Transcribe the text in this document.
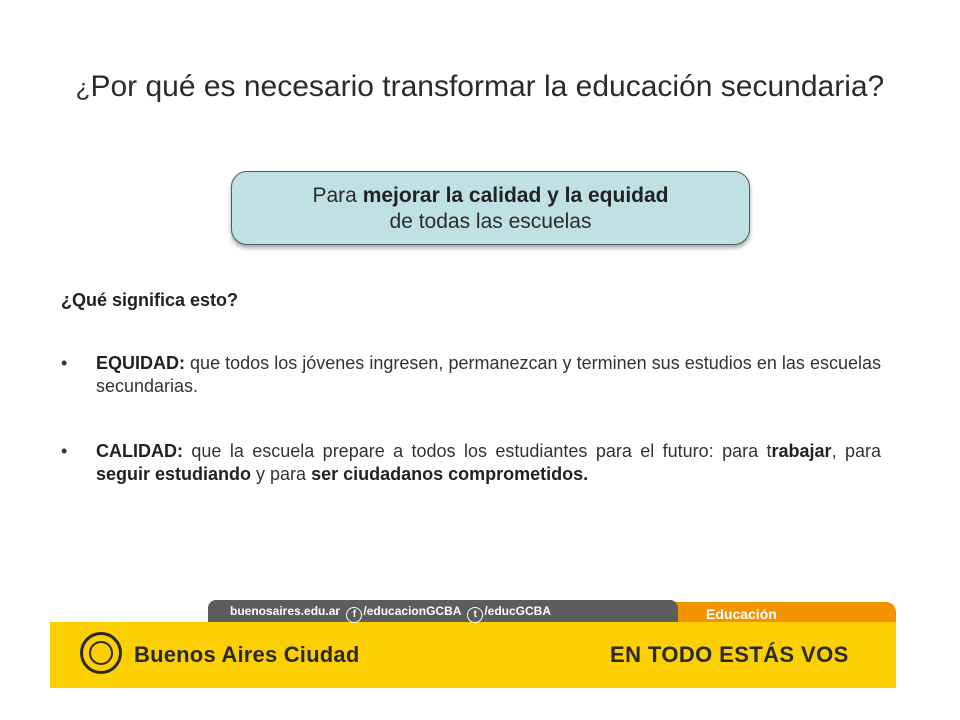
¿Por qué es necesario transformar la educación secundaria?
Para mejorar la calidad y la equidad
de todas las escuelas
¿Qué significa esto?
• EQUIDAD: que todos los jóvenes ingresen, permanezcan y terminen sus estudios en las escuelas secundarias.
• CALIDAD: que la escuela prepare a todos los estudiantes para el futuro: para trabajar, para seguir estudiando y para ser ciudadanos comprometidos.
Buenos Aires Ciudad	EN TODO ESTÁS VOS
Educación
buenosaires.edu.ar f /educacionGCBA t /educGCBA
